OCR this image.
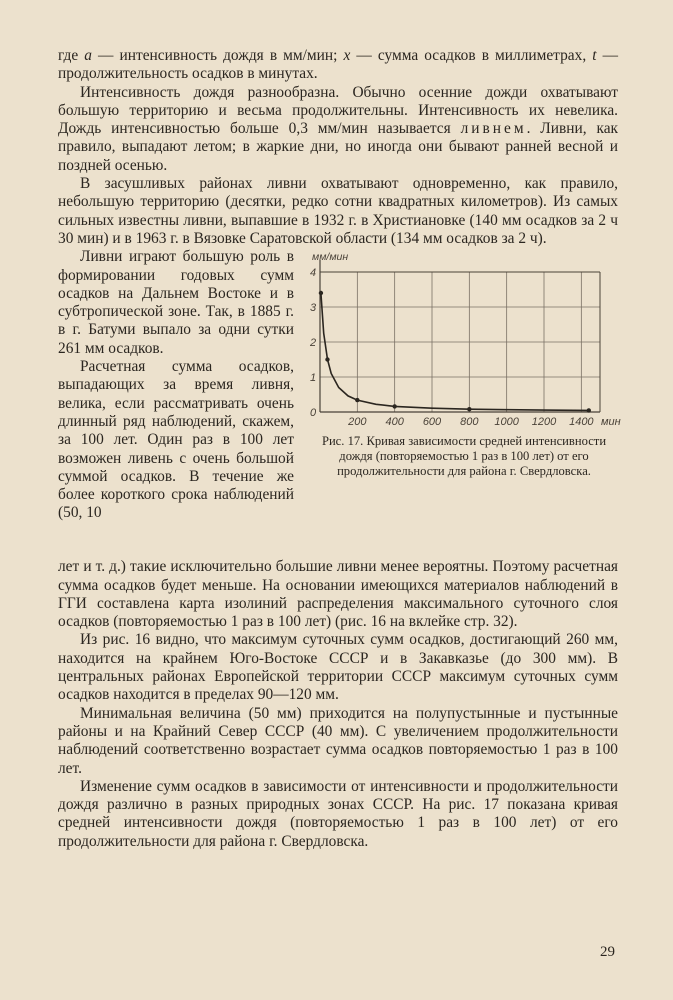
где a — интенсивность дождя в мм/мин; x — сумма осадков в миллиметрах, t — продолжительность осадков в минутах.

Интенсивность дождя разнообразна. Обычно осенние дожди охватывают большую территорию и весьма продолжительны. Интенсивность их невелика. Дождь интенсивностью больше 0,3 мм/мин называется ливнем. Ливни, как правило, выпадают летом; в жаркие дни, но иногда они бывают ранней весной и поздней осенью.

В засушливых районах ливни охватывают одновременно, как правило, небольшую территорию (десятки, редко сотни квадратных километров). Из самых сильных известны ливни, выпавшие в 1932 г. в Христиановке (140 мм осадков за 2 ч 30 мин) и в 1963 г. в Вязовке Саратовской области (134 мм осадков за 2 ч).

Ливни играют большую роль в формировании годовых сумм осадков на Дальнем Востоке и в субтропической зоне. Так, в 1885 г. в г. Батуми выпало за одни сутки 261 мм осадков.

Расчетная сумма осадков, выпадающих за время ливня, велика, если рассматривать очень длинный ряд наблюдений, скажем, за 100 лет. Один раз в 100 лет возможен ливень с очень большой суммой осадков. В течение же более короткого срока наблюдений (50, 10

мм/мин
0
1
2
3
4
200 400 600 800 1000 1200 1400 мин
Рис. 17. Кривая зависимости средней интенсивности дождя (повторяемостью 1 раз в 100 лет) от его продолжительности для района г. Свердловска.

лет и т. д.) такие исключительно большие ливни менее вероятны. Поэтому расчетная сумма осадков будет меньше. На основании имеющихся материалов наблюдений в ГГИ составлена карта изолиний распределения максимального суточного слоя осадков (повторяемостью 1 раз в 100 лет) (рис. 16 на вклейке стр. 32).

Из рис. 16 видно, что максимум суточных сумм осадков, достигающий 260 мм, находится на крайнем Юго-Востоке СССР и в Закавказье (до 300 мм). В центральных районах Европейской территории СССР максимум суточных сумм осадков находится в пределах 90—120 мм.

Минимальная величина (50 мм) приходится на полупустынные и пустынные районы и на Крайний Север СССР (40 мм). С увеличением продолжительности наблюдений соответственно возрастает сумма осадков повторяемостью 1 раз в 100 лет.

Изменение сумм осадков в зависимости от интенсивности и продолжительности дождя различно в разных природных зонах СССР. На рис. 17 показана кривая средней интенсивности дождя (повторяемостью 1 раз в 100 лет) от его продолжительности для района г. Свердловска.

29
